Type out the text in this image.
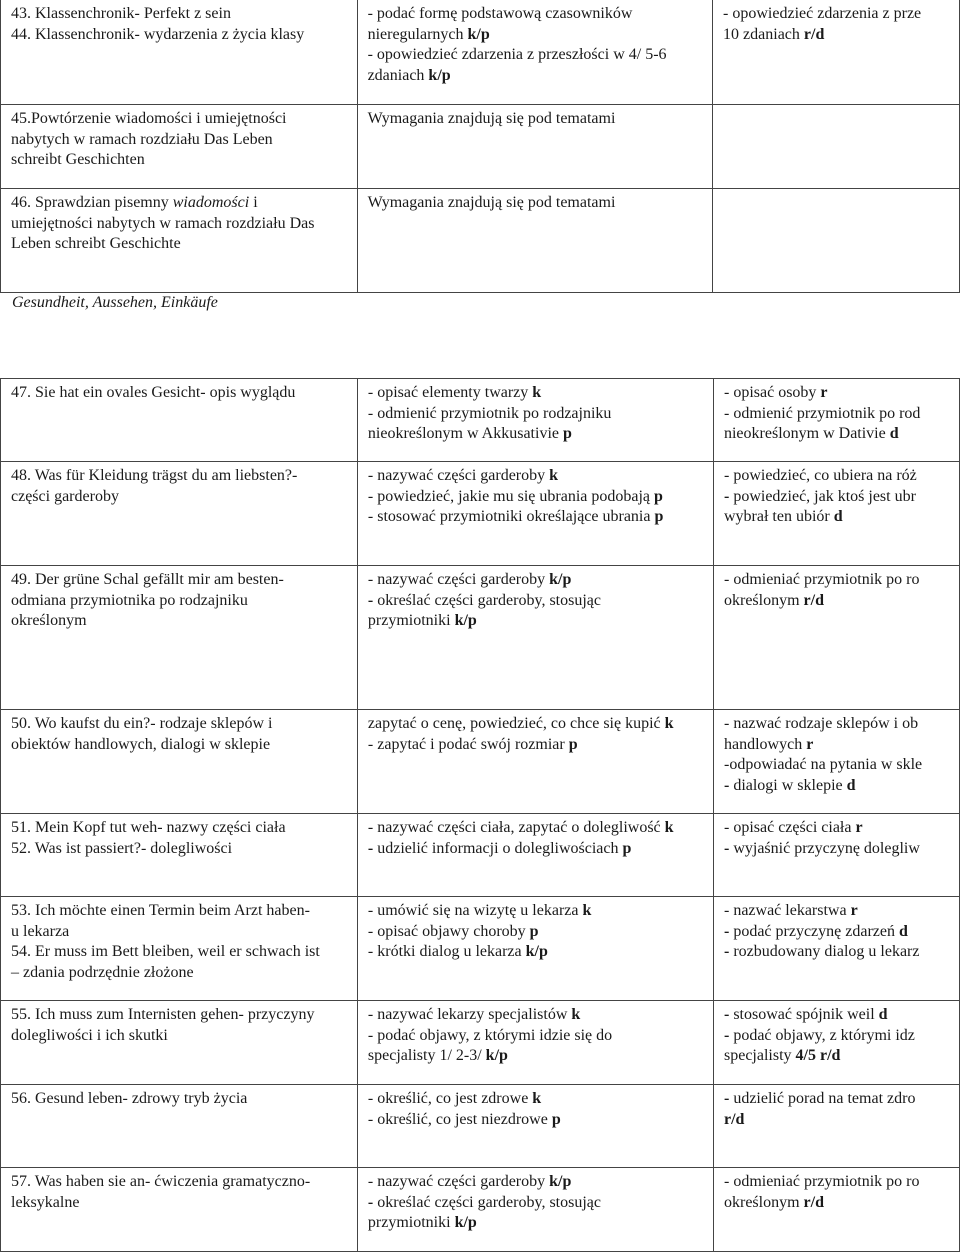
43. Klassenchronik- Perfekt z sein
44. Klassenchronik- wydarzenia z życia klasy	- podać formę podstawową czasowników
nieregularnych k/p
- opowiedzieć zdarzenia z przeszłości w 4/ 5-6
zdaniach k/p	- opowiedzieć zdarzenia z prze
10 zdaniach r/d

45.Powtórzenie wiadomości i umiejętności
nabytych w ramach rozdziału Das Leben
schreibt Geschichten	Wymagania znajdują się pod tematami	

46. Sprawdzian pisemny wiadomości i
umiejętności nabytych w ramach rozdziału Das
Leben schreibt Geschichte	Wymagania znajdują się pod tematami	

Gesundheit, Aussehen, Einkäufe
47. Sie hat ein ovales Gesicht- opis wyglądu	- opisać elementy twarzy k
- odmienić przymiotnik po rodzajniku
nieokreślonym w Akkusativie p	- opisać osoby r
- odmienić przymiotnik po rod
nieokreślonym w Dativie d

48. Was für Kleidung trägst du am liebsten?-
części garderoby	- nazywać części garderoby k
- powiedzieć, jakie mu się ubrania podobają p
- stosować przymiotniki określające ubrania p	- powiedzieć, co ubiera na róż
- powiedzieć, jak ktoś jest ubr
wybrał ten ubiór d

49. Der grüne Schal gefällt mir am besten-
odmiana przymiotnika po rodzajniku
określonym	- nazywać części garderoby k/p
- określać części garderoby, stosując
przymiotniki k/p	- odmieniać przymiotnik po ro
określonym r/d

50. Wo kaufst du ein?- rodzaje sklepów i
obiektów handlowych, dialogi w sklepie	zapytać o cenę, powiedzieć, co chce się kupić k
- zapytać i podać swój rozmiar p	- nazwać rodzaje sklepów i ob
handlowych r
-odpowiadać na pytania w skle
- dialogi w sklepie d

51. Mein Kopf tut weh- nazwy części ciała
52. Was ist passiert?- dolegliwości	- nazywać części ciała, zapytać o dolegliwość k
- udzielić informacji o dolegliwościach p	- opisać części ciała r
- wyjaśnić przyczynę dolegliw

53. Ich möchte einen Termin beim Arzt haben-
u lekarza
54. Er muss im Bett bleiben, weil er schwach ist
– zdania podrzędnie złożone	- umówić się na wizytę u lekarza k
- opisać objawy choroby p
- krótki dialog u lekarza k/p	- nazwać lekarstwa r
- podać przyczynę zdarzeń d
- rozbudowany dialog u lekarz

55. Ich muss zum Internisten gehen- przyczyny
dolegliwości i ich skutki	- nazywać lekarzy specjalistów k
- podać objawy, z którymi idzie się do
specjalisty 1/ 2-3/ k/p	- stosować spójnik weil d
- podać objawy, z którymi idz
specjalisty 4/5 r/d

56. Gesund leben- zdrowy tryb życia	- określić, co jest zdrowe k
- określić, co jest niezdrowe p	- udzielić porad na temat zdro
r/d

57. Was haben sie an- ćwiczenia gramatyczno-
leksykalne	- nazywać części garderoby k/p
- określać części garderoby, stosując
przymiotniki k/p	- odmieniać przymiotnik po ro
określonym r/d
